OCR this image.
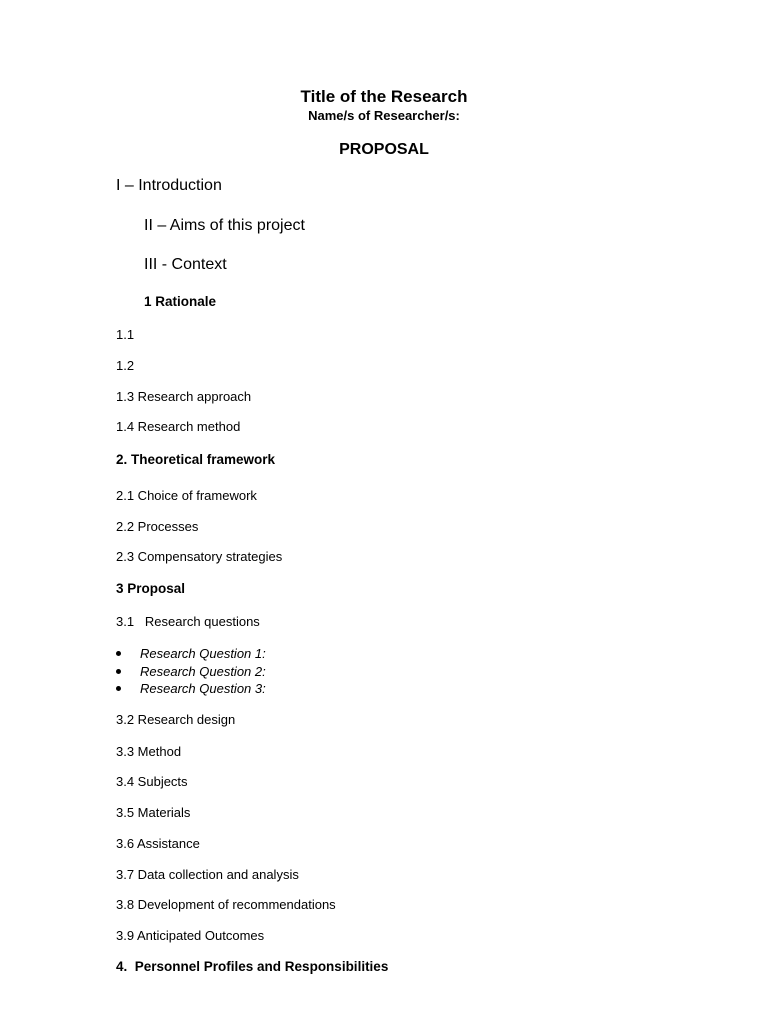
Title of the Research
Name/s of Researcher/s:
PROPOSAL
I – Introduction
II – Aims of this project
III - Context
1 Rationale
1.1
1.2
1.3 Research approach
1.4 Research method
2. Theoretical framework
2.1 Choice of framework
2.2 Processes
2.3 Compensatory strategies
3 Proposal
3.1   Research questions
Research Question 1:
Research Question 2:
Research Question 3:
3.2 Research design
3.3 Method
3.4 Subjects
3.5 Materials
3.6 Assistance
3.7 Data collection and analysis
3.8 Development of recommendations
3.9 Anticipated Outcomes
4.  Personnel Profiles and Responsibilities
